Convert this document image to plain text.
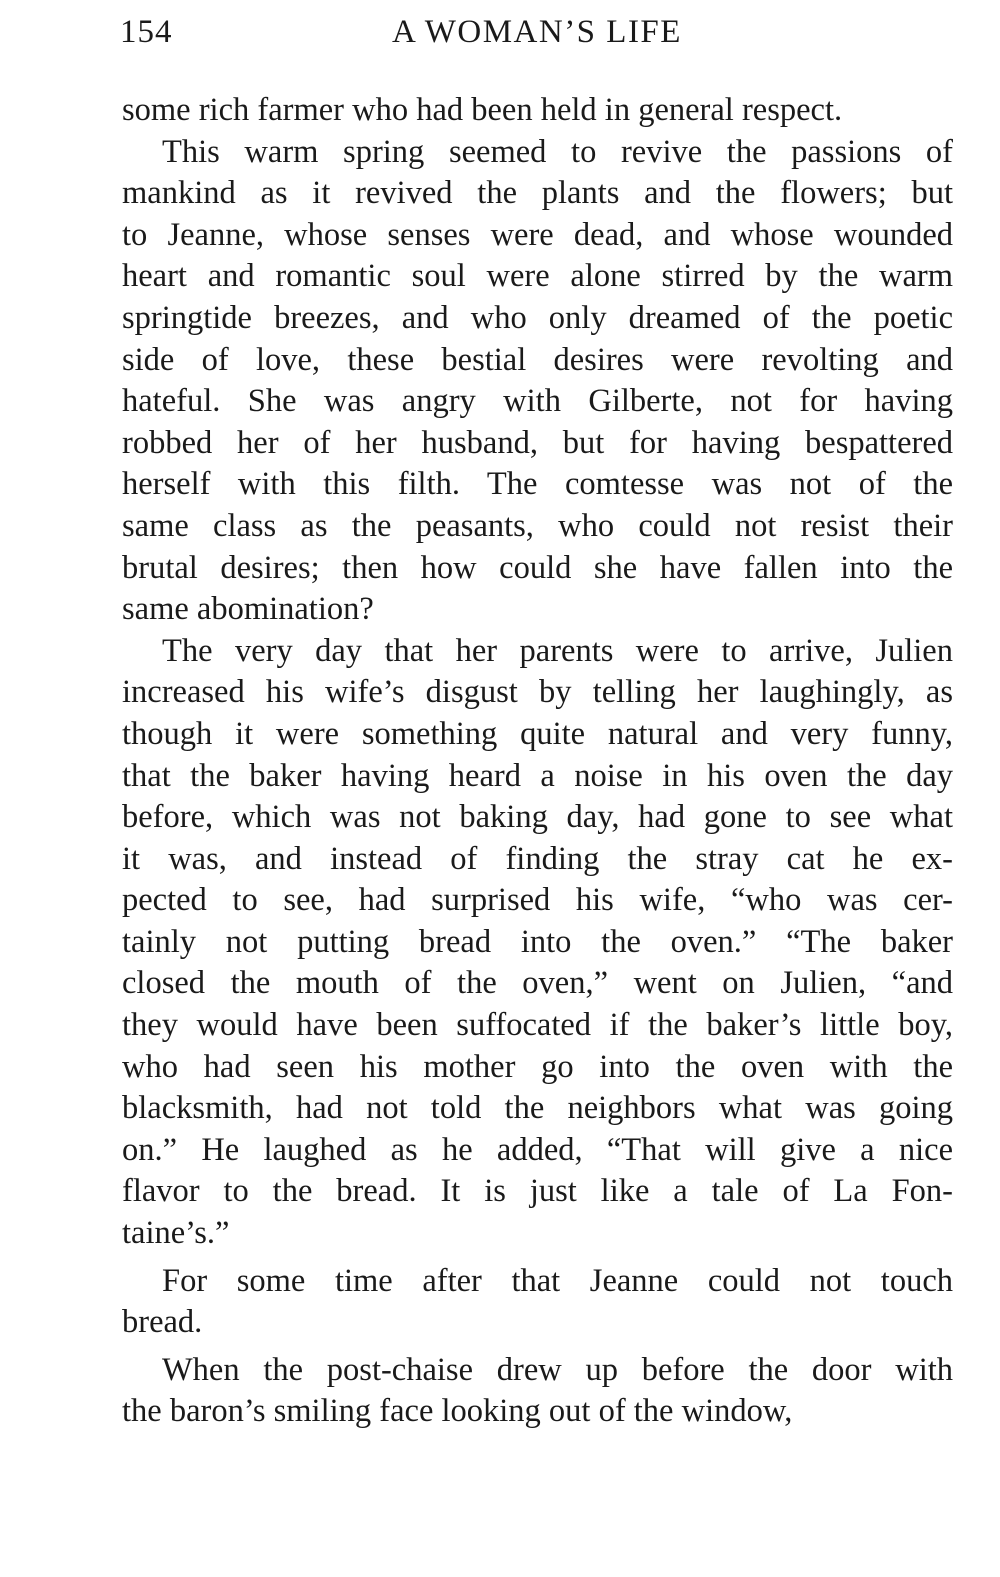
154	A WOMAN’S LIFE
some rich farmer who had been held in general respect.
This warm spring seemed to revive the passions of
mankind as it revived the plants and the flowers; but
to Jeanne, whose senses were dead, and whose wounded
heart and romantic soul were alone stirred by the warm
springtide breezes, and who only dreamed of the poetic
side of love, these bestial desires were revolting and
hateful. She was angry with Gilberte, not for having
robbed her of her husband, but for having bespattered
herself with this filth. The comtesse was not of the
same class as the peasants, who could not resist their
brutal desires; then how could she have fallen into the
same abomination?
The very day that her parents were to arrive, Julien
increased his wife’s disgust by telling her laughingly, as
though it were something quite natural and very funny,
that the baker having heard a noise in his oven the day
before, which was not baking day, had gone to see what
it was, and instead of finding the stray cat he ex-
pected to see, had surprised his wife, “who was cer-
tainly not putting bread into the oven.” “The baker
closed the mouth of the oven,” went on Julien, “and
they would have been suffocated if the baker’s little boy,
who had seen his mother go into the oven with the
blacksmith, had not told the neighbors what was going
on.” He laughed as he added, “That will give a nice
flavor to the bread. It is just like a tale of La Fon-
taine’s.”
For some time after that Jeanne could not touch
bread.
When the post-chaise drew up before the door with
the baron’s smiling face looking out of the window,
